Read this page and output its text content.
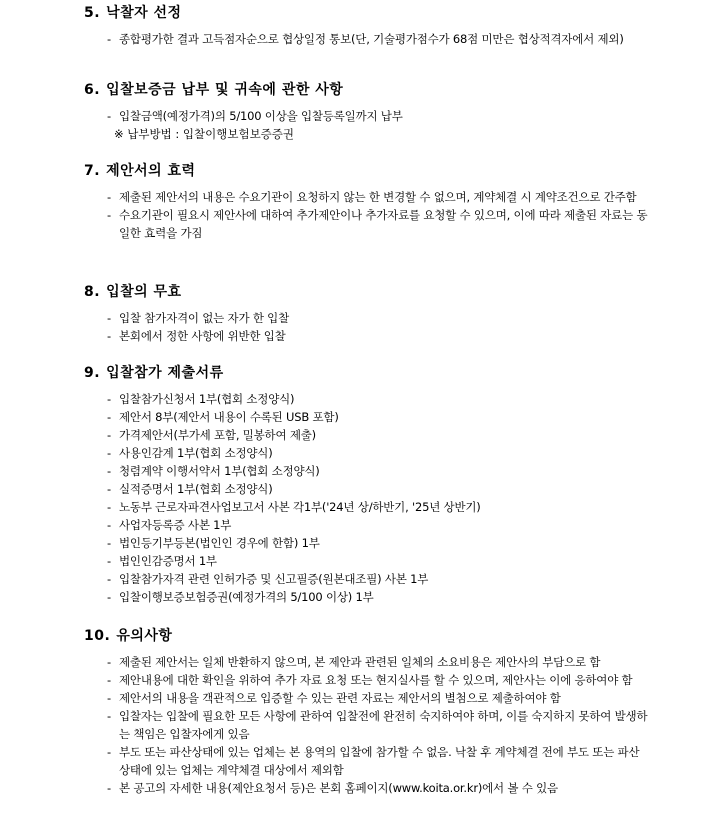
5. 낙찰자 선정

- 종합평가한 결과 고득점자순으로 협상일정 통보(단, 기술평가점수가 68점 미만은 협상적격자에서 제외)

6. 입찰보증금 납부 및 귀속에 관한 사항

- 입찰금액(예정가격)의 5/100 이상을 입찰등록일까지 납부

※ 납부방법 : 입찰이행보험보증증권

7. 제안서의 효력

- 제출된 제안서의 내용은 수요기관이 요청하지 않는 한 변경할 수 없으며, 계약체결 시 계약조건으로 간주함

- 수요기관이 필요시 제안사에 대하여 추가제안이나 추가자료를 요청할 수 있으며, 이에 따라 제출된 자료는 동일한 효력을 가짐

8. 입찰의 무효

- 입찰 참가자격이 없는 자가 한 입찰

- 본회에서 정한 사항에 위반한 입찰

9. 입찰참가 제출서류

- 입찰참가신청서 1부(협회 소정양식)

- 제안서 8부(제안서 내용이 수록된 USB 포함)

- 가격제안서(부가세 포함, 밀봉하여 제출)

- 사용인감계 1부(협회 소정양식)

- 청렴계약 이행서약서 1부(협회 소정양식)

- 실적증명서 1부(협회 소정양식)

- 노동부 근로자파견사업보고서 사본 각1부('24년 상/하반기, '25년 상반기)

- 사업자등록증 사본 1부

- 법인등기부등본(법인인 경우에 한함) 1부

- 법인인감증명서 1부

- 입찰참가자격 관련 인허가증 및 신고필증(원본대조필) 사본 1부

- 입찰이행보증보험증권(예정가격의 5/100 이상) 1부

10. 유의사항

- 제출된 제안서는 일체 반환하지 않으며, 본 제안과 관련된 일체의 소요비용은 제안사의 부담으로 함

- 제안내용에 대한 확인을 위하여 추가 자료 요청 또는 현지실사를 할 수 있으며, 제안사는 이에 응하여야 함

- 제안서의 내용을 객관적으로 입증할 수 있는 관련 자료는 제안서의 별첨으로 제출하여야 함

- 입찰자는 입찰에 필요한 모든 사항에 관하여 입찰전에 완전히 숙지하여야 하며, 이를 숙지하지 못하여 발생하는 책임은 입찰자에게 있음

- 부도 또는 파산상태에 있는 업체는 본 용역의 입찰에 참가할 수 없음. 낙찰 후 계약체결 전에 부도 또는 파산상태에 있는 업체는 계약체결 대상에서 제외함

- 본 공고의 자세한 내용(제안요청서 등)은 본회 홈페이지(www.koita.or.kr)에서 볼 수 있음
